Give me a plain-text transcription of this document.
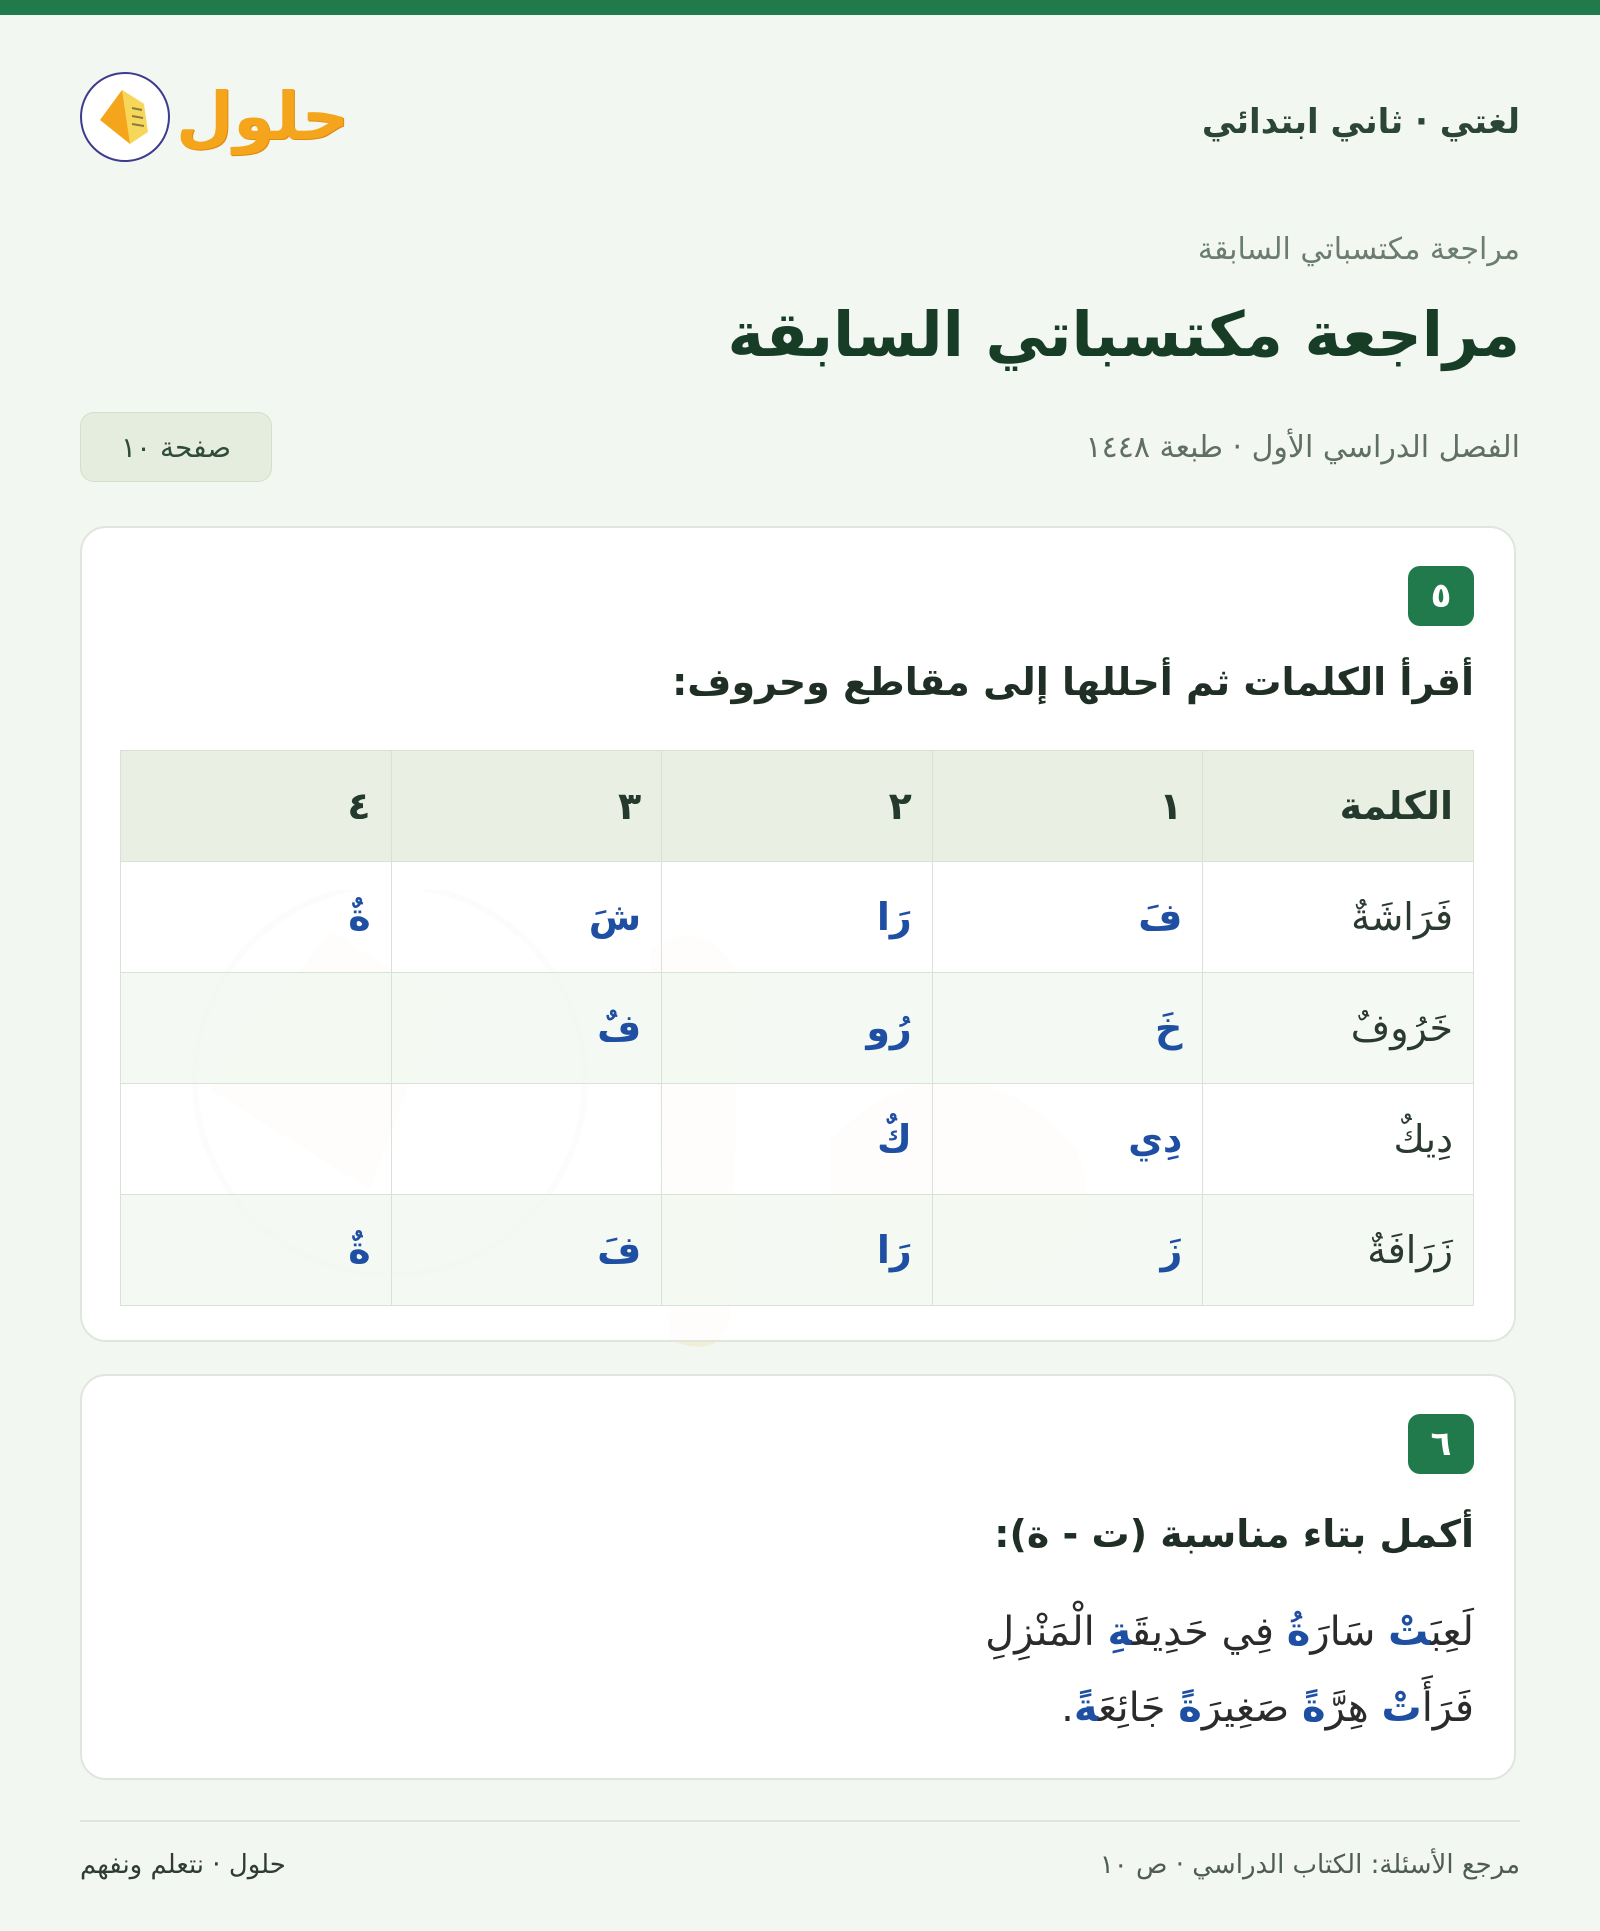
حلول	لغتي · ثاني ابتدائي
مراجعة مكتسباتي السابقة
مراجعة مكتسباتي السابقة
الفصل الدراسي الأول · طبعة ١٤٤٨
صفحة ١٠
٥
أقرأ الكلمات ثم أحللها إلى مقاطع وحروف:
الكلمة	١	٢	٣	٤
فَرَاشَةٌ	فَ	رَا	شَ	ةٌ
خَرُوفٌ	خَ	رُو	فٌ	
دِيكٌ	دِي	كٌ		
زَرَافَةٌ	زَ	رَا	فَ	ةٌ
٦
أكمل بتاء مناسبة (ت - ة):
لَعِبَتْ سَارَةُ فِي حَدِيقَةِ الْمَنْزِلِ
فَرَأَتْ هِرَّةً صَغِيرَةً جَائِعَةً.
مرجع الأسئلة: الكتاب الدراسي · ص ١٠
حلول · نتعلم ونفهم
